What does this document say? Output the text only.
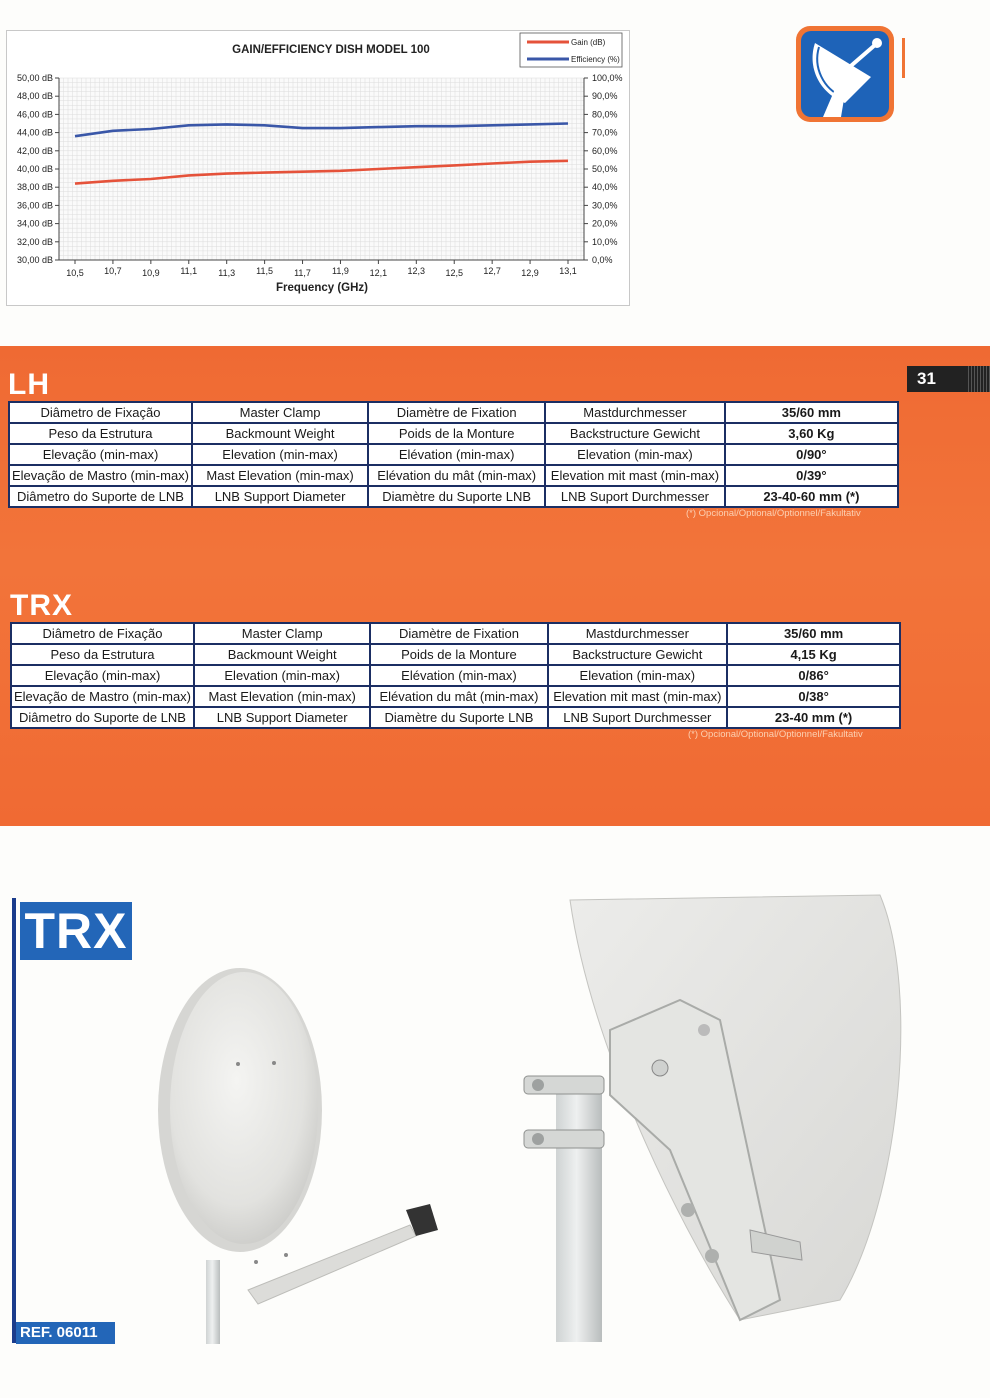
GAIN/EFFICIENCY DISH MODEL 100
Frequency (GHz)
50,00 dB
48,00 dB
46,00 dB
44,00 dB
42,00 dB
40,00 dB
38,00 dB
36,00 dB
34,00 dB
32,00 dB
30,00 dB
100,0%
90,0%
80,0%
70,0%
60,0%
50,0%
40,0%
30,0%
20,0%
10,0%
0,0%
10,5 10,7 10,9 11,1 11,3 11,5 11,7 11,9 12,1 12,3 12,5 12,7 12,9 13,1
Gain (dB)
Efficiency (%)
31
LH
Diâmetro de Fixação	Master Clamp	Diamètre de Fixation	Mastdurchmesser	35/60 mm
Peso da Estrutura	Backmount Weight	Poids de la Monture	Backstructure Gewicht	3,60 Kg
Elevação (min-max)	Elevation (min-max)	Elévation (min-max)	Elevation (min-max)	0/90°
Elevação de Mastro (min-max)	Mast Elevation (min-max)	Elévation du mât (min-max)	Elevation mit mast (min-max)	0/39°
Diâmetro do Suporte de LNB	LNB Support Diameter	Diamètre du Suporte LNB	LNB Suport Durchmesser	23-40-60 mm (*)
(*) Opcional/Optional/Optionnel/Fakultativ
TRX
Diâmetro de Fixação	Master Clamp	Diamètre de Fixation	Mastdurchmesser	35/60 mm
Peso da Estrutura	Backmount Weight	Poids de la Monture	Backstructure Gewicht	4,15 Kg
Elevação (min-max)	Elevation (min-max)	Elévation (min-max)	Elevation (min-max)	0/86°
Elevação de Mastro (min-max)	Mast Elevation (min-max)	Elévation du mât (min-max)	Elevation mit mast (min-max)	0/38°
Diâmetro do Suporte de LNB	LNB Support Diameter	Diamètre du Suporte LNB	LNB Suport Durchmesser	23-40 mm (*)
(*) Opcional/Optional/Optionnel/Fakultativ
TRX
REF. 06011
